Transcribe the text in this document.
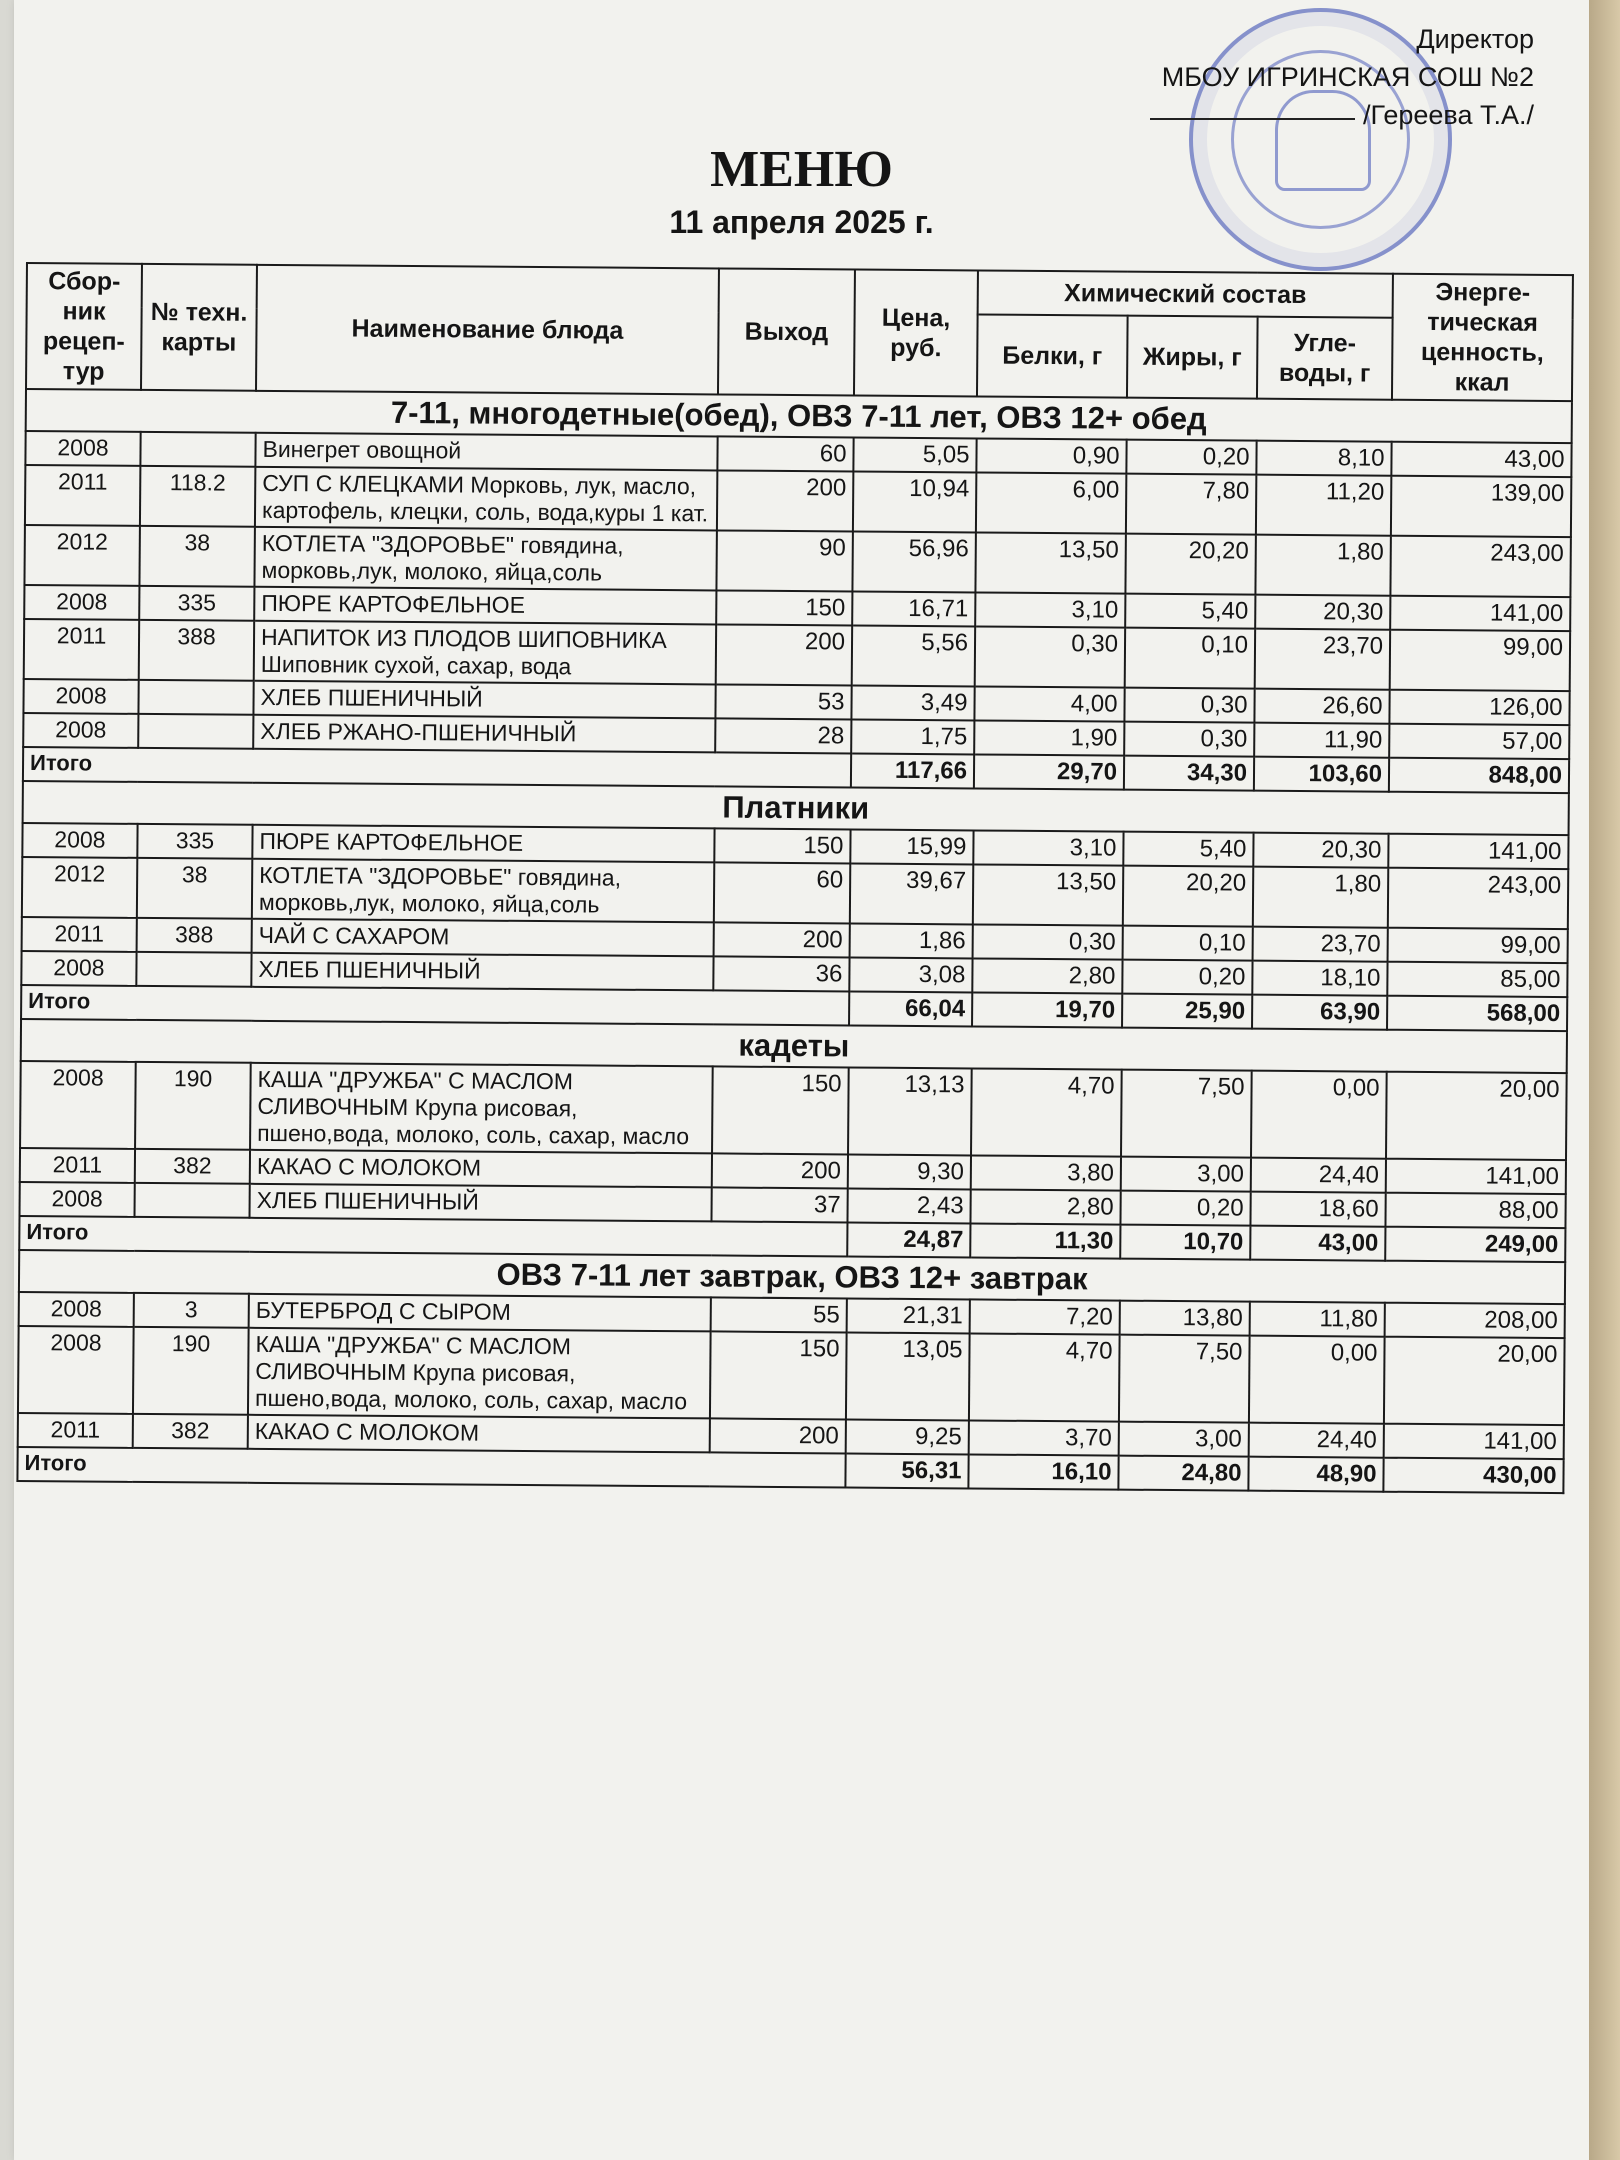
Директор
МБОУ ИГРИНСКАЯ СОШ №2
/Гереева Т.А./
МЕНЮ
11 апреля 2025 г.
Сбор-ник рецеп-тур	№ техн. карты	Наименование блюда	Выход	Цена, руб.	Химический состав			Энерге-тическая ценность, ккал
					Белки, г	Жиры, г	Угле-воды, г	
7-11, многодетные(обед), ОВЗ 7-11 лет, ОВЗ 12+ обед								
2008		Винегрет овощной	60	5,05	0,90	0,20	8,10	43,00
2011	118.2	СУП С КЛЕЦКАМИ Морковь, лук, масло, картофель, клецки, соль, вода,куры 1 кат.	200	10,94	6,00	7,80	11,20	139,00
2012	38	КОТЛЕТА "ЗДОРОВЬЕ" говядина, морковь,лук, молоко, яйца,соль	90	56,96	13,50	20,20	1,80	243,00
2008	335	ПЮРЕ КАРТОФЕЛЬНОЕ	150	16,71	3,10	5,40	20,30	141,00
2011	388	НАПИТОК ИЗ ПЛОДОВ ШИПОВНИКА Шиповник сухой, сахар, вода	200	5,56	0,30	0,10	23,70	99,00
2008		ХЛЕБ ПШЕНИЧНЫЙ	53	3,49	4,00	0,30	26,60	126,00
2008		ХЛЕБ РЖАНО-ПШЕНИЧНЫЙ	28	1,75	1,90	0,30	11,90	57,00
Итого				117,66	29,70	34,30	103,60	848,00
Платники								
2008	335	ПЮРЕ КАРТОФЕЛЬНОЕ	150	15,99	3,10	5,40	20,30	141,00
2012	38	КОТЛЕТА "ЗДОРОВЬЕ" говядина, морковь,лук, молоко, яйца,соль	60	39,67	13,50	20,20	1,80	243,00
2011	388	ЧАЙ С САХАРОМ	200	1,86	0,30	0,10	23,70	99,00
2008		ХЛЕБ ПШЕНИЧНЫЙ	36	3,08	2,80	0,20	18,10	85,00
Итого				66,04	19,70	25,90	63,90	568,00
кадеты								
2008	190	КАША "ДРУЖБА" С МАСЛОМ СЛИВОЧНЫМ Крупа рисовая, пшено,вода, молоко, соль, сахар, масло	150	13,13	4,70	7,50	0,00	20,00
2011	382	КАКАО С МОЛОКОМ	200	9,30	3,80	3,00	24,40	141,00
2008		ХЛЕБ ПШЕНИЧНЫЙ	37	2,43	2,80	0,20	18,60	88,00
Итого				24,87	11,30	10,70	43,00	249,00
ОВЗ 7-11 лет завтрак, ОВЗ 12+ завтрак								
2008	3	БУТЕРБРОД С СЫРОМ	55	21,31	7,20	13,80	11,80	208,00
2008	190	КАША "ДРУЖБА" С МАСЛОМ СЛИВОЧНЫМ Крупа рисовая, пшено,вода, молоко, соль, сахар, масло	150	13,05	4,70	7,50	0,00	20,00
2011	382	КАКАО С МОЛОКОМ	200	9,25	3,70	3,00	24,40	141,00
Итого				56,31	16,10	24,80	48,90	430,00
